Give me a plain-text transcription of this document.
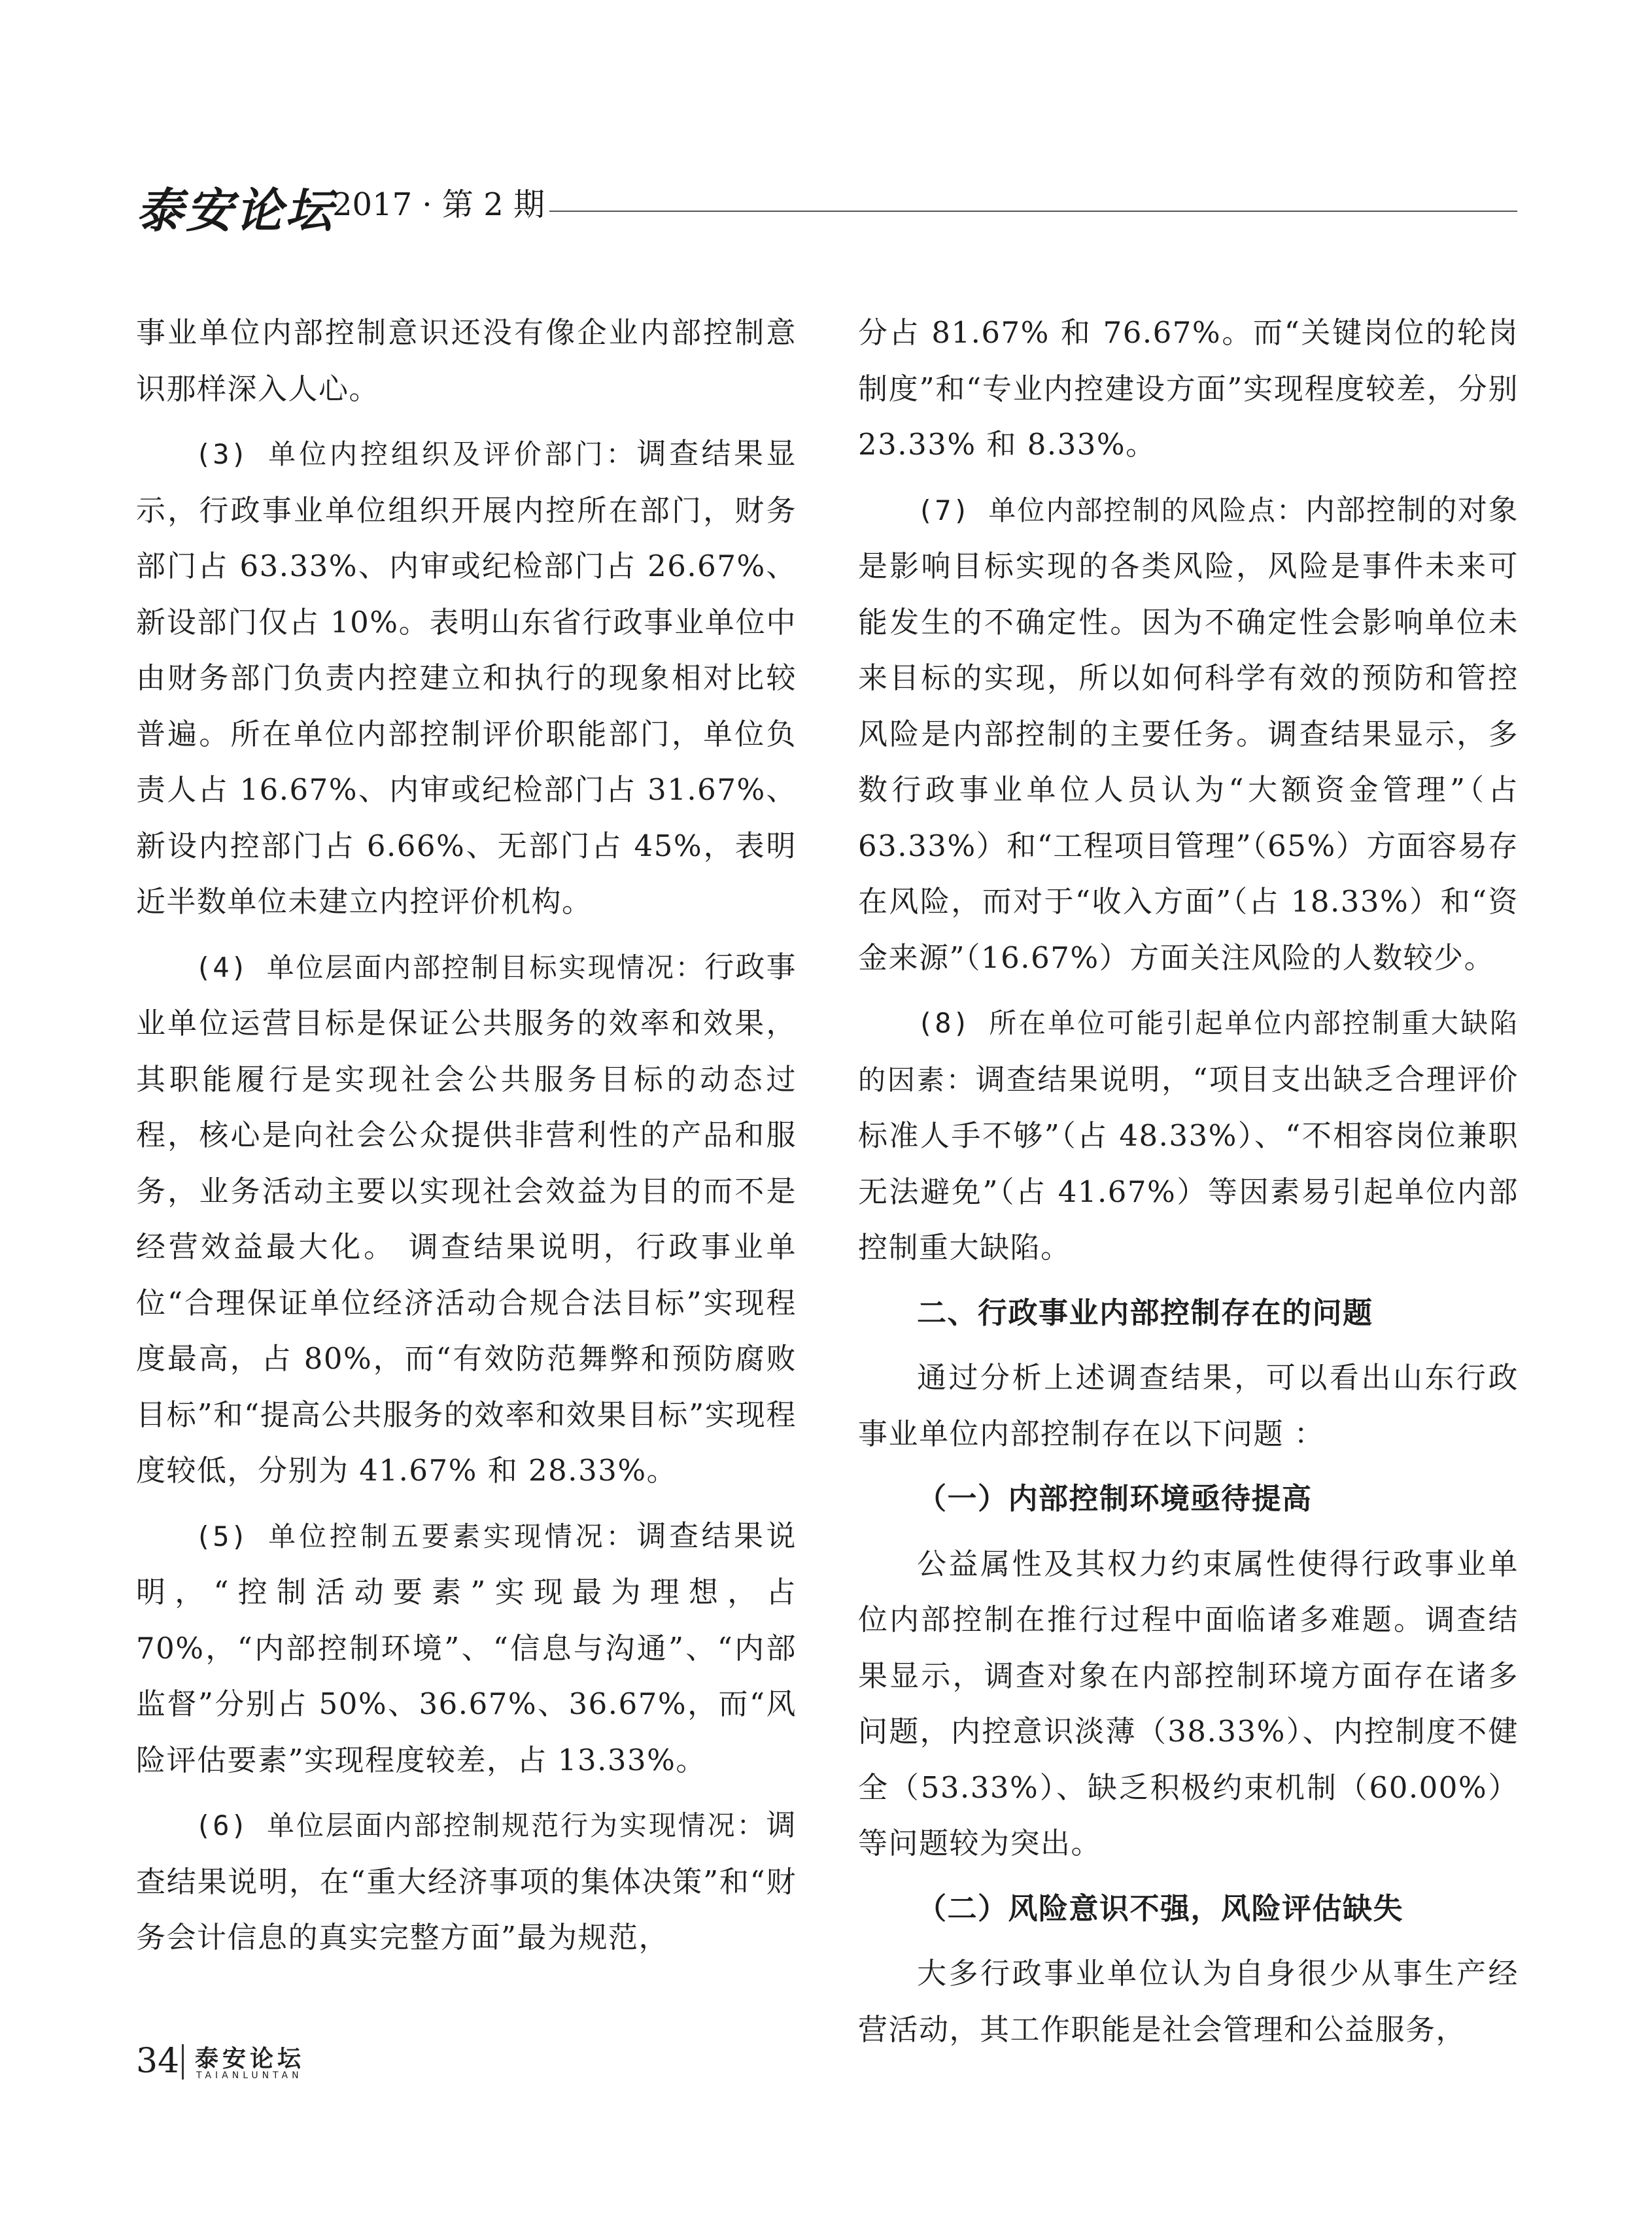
泰安论坛
2017 · 第 2 期

事业单位内部控制意识还没有像企业内部控制意识那样深入人心。

(3) 单位内控组织及评价部门：调查结果显示，行政事业单位组织开展内控所在部门，财务部门占 63.33%、内审或纪检部门占 26.67%、新设部门仅占 10%。表明山东省行政事业单位中由财务部门负责内控建立和执行的现象相对比较普遍。所在单位内部控制评价职能部门，单位负责人占 16.67%、内审或纪检部门占 31.67%、新设内控部门占 6.66%、无部门占 45%，表明近半数单位未建立内控评价机构。

(4) 单位层面内部控制目标实现情况：行政事业单位运营目标是保证公共服务的效率和效果，其职能履行是实现社会公共服务目标的动态过程，核心是向社会公众提供非营利性的产品和服务，业务活动主要以实现社会效益为目的而不是经营效益最大化。 调查结果说明，行政事业单位“合理保证单位经济活动合规合法目标”实现程度最高，占 80%，而“有效防范舞弊和预防腐败目标”和“提高公共服务的效率和效果目标”实现程度较低，分别为 41.67% 和 28.33%。

(5) 单位控制五要素实现情况：调查结果说明，“控制活动要素”实现最为理想，占 70%，“内部控制环境”、“信息与沟通”、“内部监督”分别占 50%、36.67%、36.67%，而“风险评估要素”实现程度较差，占 13.33%。

(6) 单位层面内部控制规范行为实现情况：调查结果说明，在“重大经济事项的集体决策”和“财务会计信息的真实完整方面”最为规范，

分占 81.67% 和 76.67%。而“关键岗位的轮岗制度”和“专业内控建设方面”实现程度较差，分别 23.33% 和 8.33%。

(7) 单位内部控制的风险点：内部控制的对象是影响目标实现的各类风险，风险是事件未来可能发生的不确定性。因为不确定性会影响单位未来目标的实现，所以如何科学有效的预防和管控风险是内部控制的主要任务。调查结果显示，多数行政事业单位人员认为“大额资金管理”（占 63.33%）和“工程项目管理”（65%）方面容易存在风险，而对于“收入方面”（占 18.33%）和“资金来源”（16.67%）方面关注风险的人数较少。

(8) 所在单位可能引起单位内部控制重大缺陷的因素：调查结果说明，“项目支出缺乏合理评价标准人手不够”（占 48.33%）、“不相容岗位兼职无法避免”（占 41.67%）等因素易引起单位内部控制重大缺陷。

二、行政事业内部控制存在的问题

通过分析上述调查结果，可以看出山东行政事业单位内部控制存在以下问题 ：

（一）内部控制环境亟待提高

公益属性及其权力约束属性使得行政事业单位内部控制在推行过程中面临诸多难题。调查结果显示，调查对象在内部控制环境方面存在诸多问题，内控意识淡薄（38.33%）、内控制度不健全（53.33%）、缺乏积极约束机制（60.00%）等问题较为突出。

（二）风险意识不强，风险评估缺失

大多行政事业单位认为自身很少从事生产经营活动，其工作职能是社会管理和公益服务，

34 泰安论坛
TAIANLUNTAN
